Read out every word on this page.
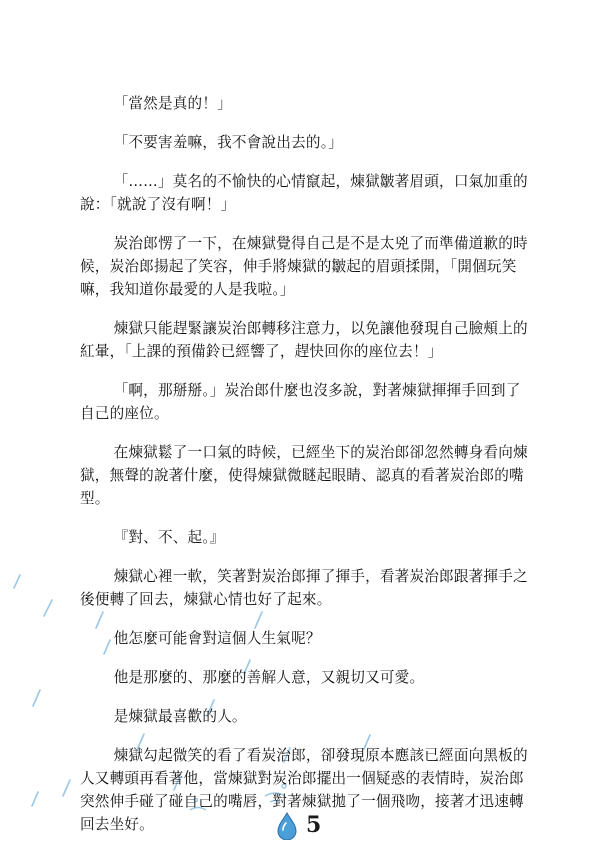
「當然是真的！」

「不要害羞嘛，我不會說出去的。」

「……」莫名的不愉快的心情竄起，煉獄皺著眉頭，口氣加重的說：「就說了沒有啊！」

炭治郎愣了一下，在煉獄覺得自己是不是太兇了而準備道歉的時候，炭治郎揚起了笑容，伸手將煉獄的皺起的眉頭揉開，「開個玩笑嘛，我知道你最愛的人是我啦。」

煉獄只能趕緊讓炭治郎轉移注意力，以免讓他發現自己臉頰上的紅暈，「上課的預備鈴已經響了，趕快回你的座位去！」

「啊，那掰掰。」炭治郎什麼也沒多說，對著煉獄揮揮手回到了自己的座位。

在煉獄鬆了一口氣的時候，已經坐下的炭治郎卻忽然轉身看向煉獄，無聲的說著什麼，使得煉獄微瞇起眼睛、認真的看著炭治郎的嘴型。

『對、不、起。』

煉獄心裡一軟，笑著對炭治郎揮了揮手，看著炭治郎跟著揮手之後便轉了回去，煉獄心情也好了起來。

他怎麼可能會對這個人生氣呢？

他是那麼的、那麼的善解人意，又親切又可愛。

是煉獄最喜歡的人。

煉獄勾起微笑的看了看炭治郎，卻發現原本應該已經面向黑板的人又轉頭再看著他，當煉獄對炭治郎擺出一個疑惑的表情時，炭治郎突然伸手碰了碰自己的嘴唇，對著煉獄拋了一個飛吻，接著才迅速轉回去坐好。	5
